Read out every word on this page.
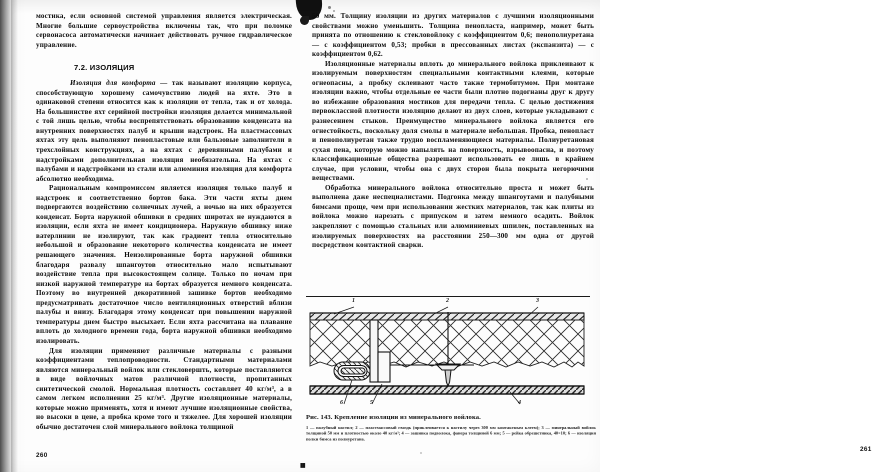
мостика, если основной системой управления является электрическая. Многие большие сервоустройства включены так, что при поломке сервонасоса автоматически начинает действовать ручное гидравлическое управление.

7.2. ИЗОЛЯЦИЯ

Изоляция для комфорта — так называют изоляцию корпуса, способствующую хорошему самочувствию людей на яхте. Это в одинаковой степени относится как к изоляции от тепла, так и от холода. На большинстве яхт серийной постройки изоляция делается минимальной с той лишь целью, чтобы воспрепятствовать образованию конденсата на внутренних поверхностях палуб и крыши надстроек. На пластмассовых яхтах эту цель выполняют пенопластовые или бальзовые заполнители в трехслойных конструкциях, а на яхтах с деревянными палубами и надстройками дополнительная изоляция необязательна. На яхтах с палубами и надстройками из стали или алюминия изоляция для комфорта абсолютно необходима.

Рациональным компромиссом является изоляция только палуб и надстроек и соответственно бортов бака. Эти части яхты днем подвергаются воздействию солнечных лучей, а ночью на них образуется конденсат. Борта наружной обшивки в средних широтах не нуждаются в изоляции, если яхта не имеет кондиционера. Наружную обшивку ниже ватерлинии не изолируют, так как градиент тепла относительно небольшой и образование некоторого количества конденсата не имеет решающего значения. Неизолированные борта наружной обшивки благодаря развалу шпангоутов относительно мало испытывают воздействие тепла при высокостоящем солнце. Только по ночам при низкой наружной температуре на бортах образуется немного конденсата. Поэтому во внутренней декоративной зашивке бортов необходимо предусматривать достаточное число вентиляционных отверстий вблизи палубы и внизу. Благодаря этому конденсат при повышении наружной температуры днем быстро высыхает. Если яхта рассчитана на плавание вплоть до холодного времени года, борта наружной обшивки необходимо изолировать.

Для изоляции применяют различные материалы с разными коэффициентами теплопроводности. Стандартными материалами являются минеральный войлок или стекловершть, которые поставляются в виде войлочных матов различной плотности, пропитанных синтетической смолой. Нормальная плотность составляет 40 кг/м³, а в самом легком исполнении 25 кг/м³. Другие изоляционные материалы, которые можно применять, хотя и имеют лучшие изоляционные свойства, но высоки в цене, а пробка кроме того и тяжелее. Для хорошей изоляции обычно достаточен слой минерального войлока толщиной

260

50 мм. Толщину изоляции из других материалов с лучшими изоляционными свойствами можно уменьшить. Толщина пенопласта, например, может быть принята по отношению к стекловойлоку с коэффициентом 0,6; пенополиуретана — с коэффициентом 0,53; пробки в прессованных листах (экспанзита) — с коэффициентом 0,62.

Изоляционные материалы вплоть до минерального войлока приклеивают к изолируемым поверхностям специальными контактными клеями, которые огнеопасны, а пробку склеивают часто также термобитумом. При монтаже изоляции важно, чтобы отдельные ее части были плотно подогнаны друг к другу во избежание образования мостиков для передачи тепла. С целью достижения первоклассной плотности изоляцию делают из двух слоев, которые укладывают с разнесением стыков. Преимущество минерального войлока является его огнестойкость, поскольку доля смолы в материале небольшая. Пробка, пенопласт и пенополиуретан также трудно воспламеняющиеся материалы. Полиуретановая сухая пена, которую можно напылять на поверхность, взрывоопасна, и поэтому классификационные общества разрешают использовать ее лишь в крайнем случае, при условии, чтобы она с двух сторон была покрыта негорючими веществами.

Обработка минерального войлока относительно проста и может быть выполнена даже неспециалистами. Подгонка между шпангоутами и палубными бимсами проще, чем при использовании жестких материалов, так как плиты из войлока можно нарезать с припуском и затем немного осадить. Войлок закрепляют с помощью стальных или алюминиевых шпилек, поставленных на изолируемых поверхностях на расстоянии 250—300 мм одна от другой посредством контактной сварки.

261
1	2	3
4
5
6
Рис. 143. Крепление изоляции из минерального войлока.
1 — палубный настил; 2 — пластмассовый гвоздь (приклеивается к настилу через 300 мм контактным клеем); 3 — минеральный войлок толщиной 50 мм и плотностью около 40 кг/м³; 4 — зашивка подволока, фанера толщиной 6 мм; 5 — рейка обрешетника, 40×10; 6 — изоляция полки бимса из полиуретана.
▮▮
